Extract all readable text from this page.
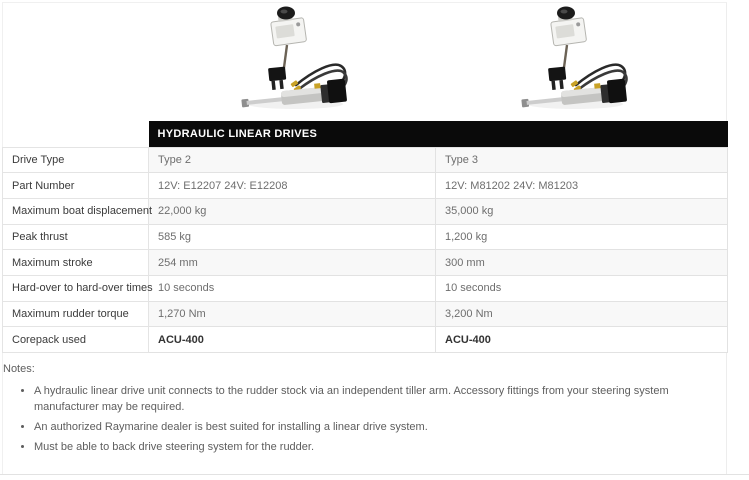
	HYDRAULIC LINEAR DRIVES	
Drive Type	Type 2	Type 3
Part Number	12V: E12207 24V: E12208	12V: M81202 24V: M81203
Maximum boat displacement	22,000 kg	35,000 kg
Peak thrust	585 kg	1,200 kg
Maximum stroke	254 mm	300 mm
Hard-over to hard-over times	10 seconds	10 seconds
Maximum rudder torque	1,270 Nm	3,200 Nm
Corepack used	ACU-400	ACU-400

Notes:

• A hydraulic linear drive unit connects to the rudder stock via an independent tiller arm. Accessory fittings from your steering system manufacturer may be required.
• An authorized Raymarine dealer is best suited for installing a linear drive system.
• Must be able to back drive steering system for the rudder.
